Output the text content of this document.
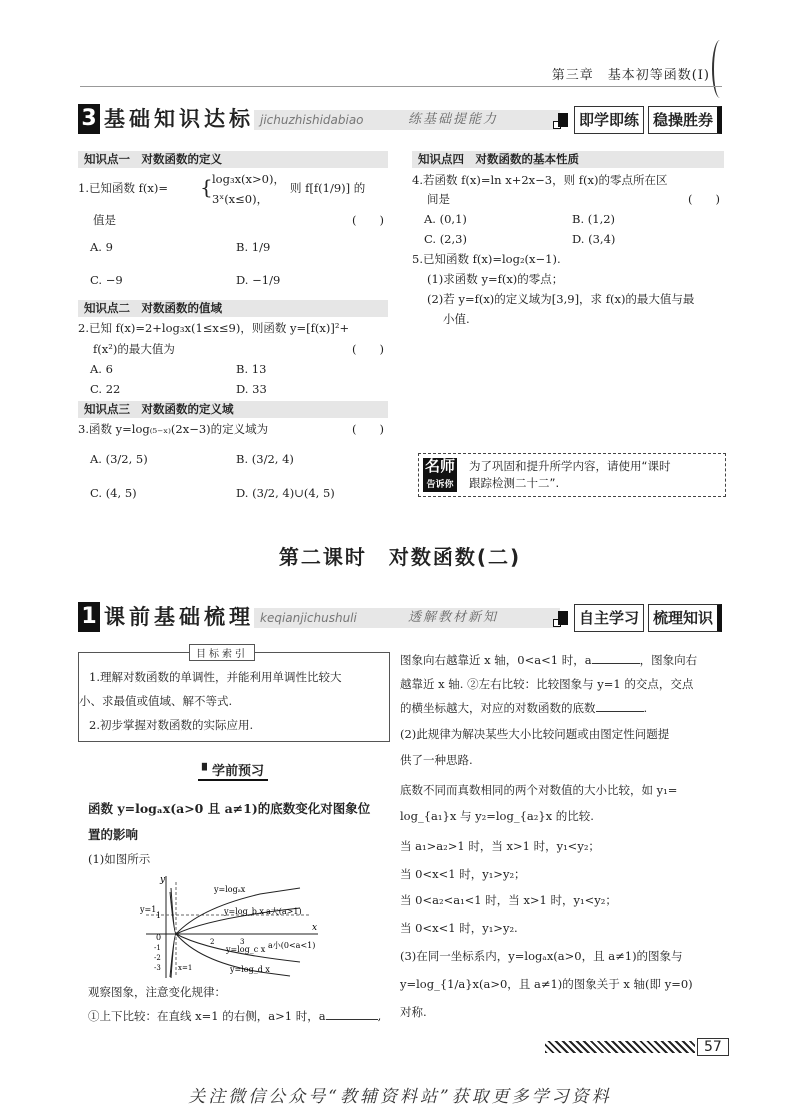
第三章　基本初等函数(Ⅰ)
3 基础知识达标 jichuzhishidabiao	练基础提能力	即学即练 稳操胜券
知识点一　对数函数的定义
1.已知函数 f(x)= { log₃x(x>0)，
3ˣ(x≤0)，
则 f[f(1/9)] 的
值是	(　　)
A. 9	B. 1/9
C. −9	D. −1/9
知识点二　对数函数的值域
2.已知 f(x)=2+log₃x(1≤x≤9)，则函数 y=[f(x)]²+
f(x²)的最大值为	(　　)
A. 6	B. 13
C. 22	D. 33
知识点三　对数函数的定义域
3.函数 y=log₍₅₋ₓ₎(2x−3)的定义域为	(　　)
A. (3/2, 5)	B. (3/2, 4)
C. (4, 5)	D. (3/2, 4)∪(4, 5)
知识点四　对数函数的基本性质
4.若函数 f(x)=ln x+2x−3，则 f(x)的零点所在区
间是	(　　)
A. (0,1)	B. (1,2)
C. (2,3)	D. (3,4)
5.已知函数 f(x)=log₂(x−1).
(1)求函数 y=f(x)的零点；
(2)若 y=f(x)的定义域为[3,9]，求 f(x)的最大值与最
小值.
名师
告诉你
为了巩固和提升所学内容，请使用“课时
跟踪检测二十二”.
第二课时　对数函数(二)
1 课前基础梳理 keqianjichushuli	透解教材新知	自主学习 梳理知识
目标索引
1.理解对数函数的单调性，并能利用单调性比较大
小、求最值或值域、解不等式.
2.初步掌握对数函数的实际应用.
▘学前预习
函数 y=logₐx(a>0 且 a≠1)的底数变化对图象位
置的影响
(1)如图所示
y
x
1
0
y=1
x=1
-1
-2
-3
2	3
y=logₐx
y=log_b x
y=log_c x
y=log_d x
a大(a>1)
a小(0<a<1)
观察图象，注意变化规律：
①上下比较：在直线 x=1 的右侧，a>1 时，a	,
图象向右越靠近 x 轴，0<a<1 时，a	，图象向右
越靠近 x 轴. ②左右比较：比较图象与 y=1 的交点，交点
的横坐标越大，对应的对数函数的底数	.
(2)此规律为解决某些大小比较问题或由图定性问题提
供了一种思路.
底数不同而真数相同的两个对数值的大小比较，如 y₁=
log_{a₁}x 与 y₂=log_{a₂}x 的比较.
当 a₁>a₂>1 时，当 x>1 时，y₁<y₂；
当 0<x<1 时，y₁>y₂；
当 0<a₂<a₁<1 时，当 x>1 时，y₁<y₂；
当 0<x<1 时，y₁>y₂.
(3)在同一坐标系内，y=logₐx(a>0，且 a≠1)的图象与
y=log_{1/a}x(a>0，且 a≠1)的图象关于 x 轴(即 y=0)
对称.
57
关注微信公众号“教辅资料站”获取更多学习资料
